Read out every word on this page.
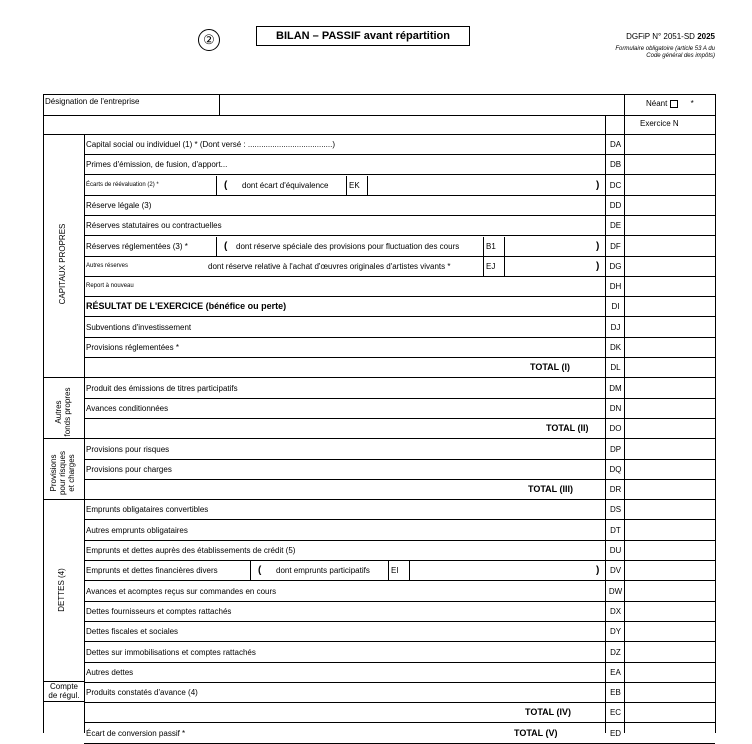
②	BILAN – PASSIF avant répartition	DGFiP N° 2051-SD 2025
Formulaire obligatoire (article 53 A du
Code général des impôts)
Désignation de l'entreprise	Néant	*
Exercice N
CAPITAUX PROPRES
Autres fonds propres
Provisions pour risques et charges
DETTES (4)
Compte
de régul.
Capital social ou individuel (1) * (Dont versé : ......................................)	DA
Primes d'émission, de fusion, d'apport...	DB
Écarts de réévaluation (2) *	( dont écart d'équivalence	EK	)	DC
Réserve légale (3)	DD
Réserves statutaires ou contractuelles	DE
Réserves réglementées (3) *	( dont réserve spéciale des provisions pour fluctuation des cours	B1	)	DF
Autres réserves	dont réserve relative à l'achat d'œuvres originales d'artistes vivants *	EJ	)	DG
Report à nouveau	DH
RÉSULTAT DE L'EXERCICE (bénéfice ou perte)	DI
Subventions d'investissement	DJ
Provisions réglementées *	DK
TOTAL (I)	DL
Produit des émissions de titres participatifs	DM
Avances conditionnées	DN
TOTAL (II)	DO
Provisions pour risques	DP
Provisions pour charges	DQ
TOTAL (III)	DR
Emprunts obligataires convertibles	DS
Autres emprunts obligataires	DT
Emprunts et dettes auprès des établissements de crédit (5)	DU
Emprunts et dettes financières divers	( dont emprunts participatifs	EI	)	DV
Avances et acomptes reçus sur commandes en cours	DW
Dettes fournisseurs et comptes rattachés	DX
Dettes fiscales et sociales	DY
Dettes sur immobilisations et comptes rattachés	DZ
Autres dettes	EA
Produits constatés d'avance (4)	EB
TOTAL (IV)	EC
Écart de conversion passif *	TOTAL (V)	ED
